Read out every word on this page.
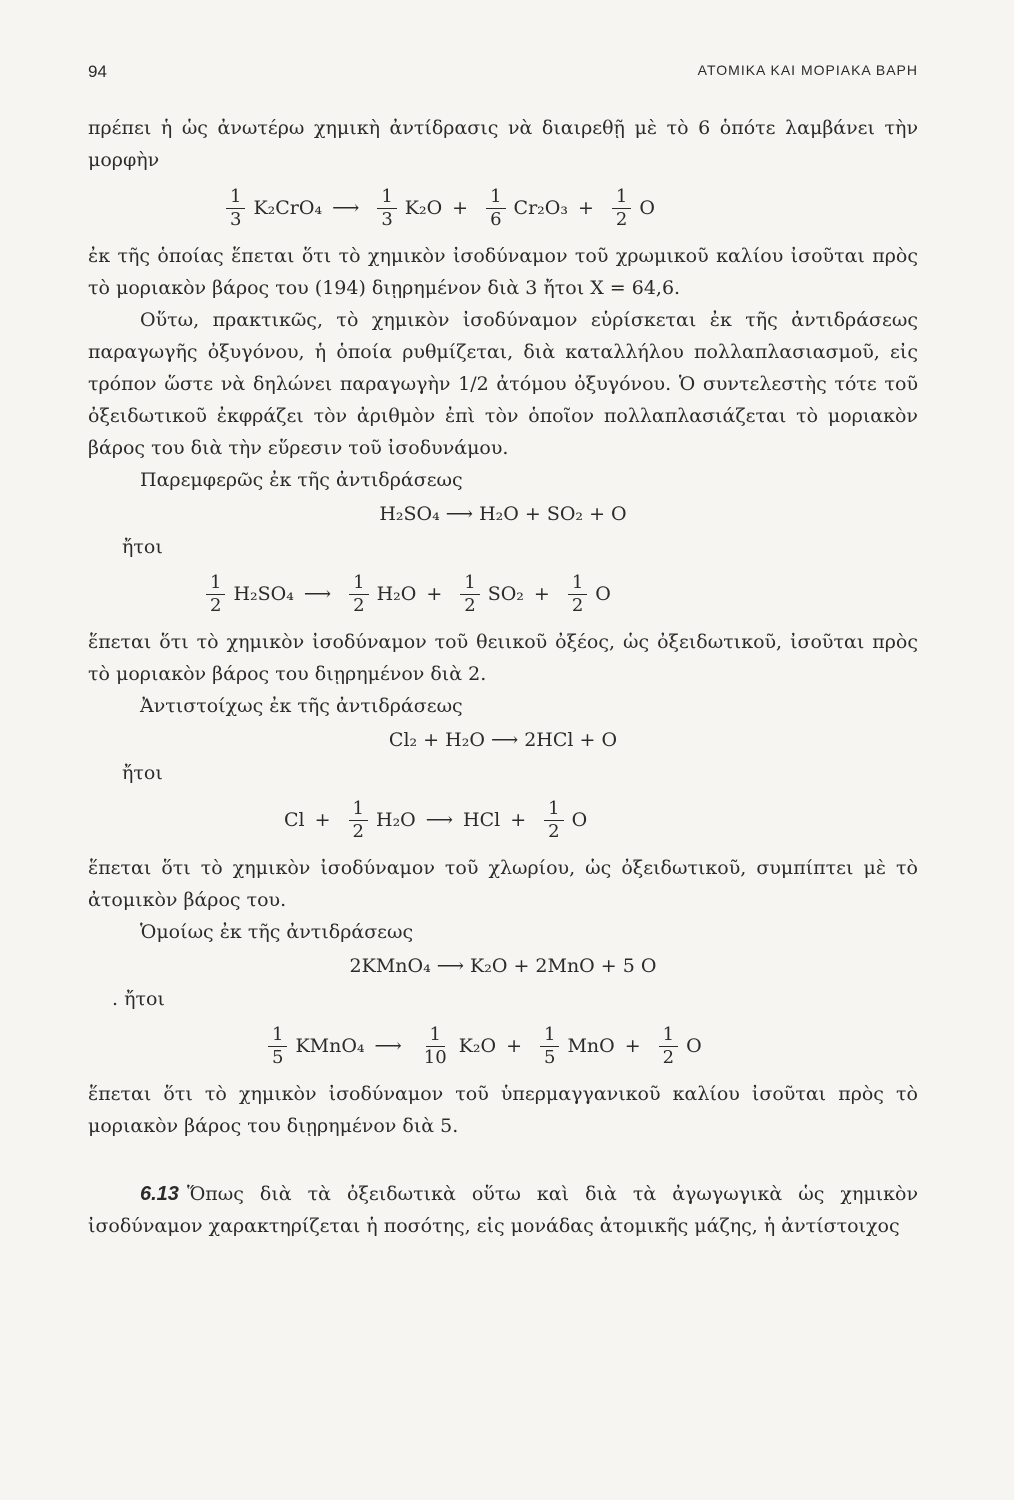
94	ΑΤΟΜΙΚΑ ΚΑΙ ΜΟΡΙΑΚΑ ΒΑΡΗ

πρέπει ἡ ὡς ἀνωτέρω χημικὴ ἀντίδρασις νὰ διαιρεθῇ μὲ τὸ 6 ὁπότε λαμβάνει τὴν μορφὴν

$\frac{1}{3} K_2CrO_4$ ⟶ $\frac{1}{3} K_2O + \frac{1}{6} Cr_2O_3 + \frac{1}{2}$ O

ἐκ τῆς ὁποίας ἕπεται ὅτι τὸ χημικὸν ἰσοδύναμον τοῦ χρωμικοῦ καλίου ἰσοῦται πρὸς τὸ μοριακὸν βάρος του (194) διῃρημένον διὰ 3 ἤτοι X = 64,6.

Οὕτω, πρακτικῶς, τὸ χημικὸν ἰσοδύναμον εὑρίσκεται ἐκ τῆς ἀντιδράσεως παραγωγῆς ὀξυγόνου, ἡ ὁποία ρυθμίζεται, διὰ καταλλήλου πολλαπλασιασμοῦ, εἰς τρόπον ὥστε νὰ δηλώνει παραγωγὴν 1/2 ἀτόμου ὀξυγόνου. Ὁ συντελεστὴς τότε τοῦ ὀξειδωτικοῦ ἐκφράζει τὸν ἀριθμὸν ἐπὶ τὸν ὁποῖον πολλαπλασιάζεται τὸ μοριακὸν βάρος του διὰ τὴν εὕρεσιν τοῦ ἰσοδυνάμου.

Παρεμφερῶς ἐκ τῆς ἀντιδράσεως

H₂SO₄ ⟶ H₂O + SO₂ + O
ἤτοι
$\frac{1}{2} H_2SO_4$ ⟶ $\frac{1}{2} H_2O + \frac{1}{2} SO_2 + \frac{1}{2}$ O

ἕπεται ὅτι τὸ χημικὸν ἰσοδύναμον τοῦ θειικοῦ ὀξέος, ὡς ὀξειδωτικοῦ, ἰσοῦται πρὸς τὸ μοριακὸν βάρος του διῃρημένον διὰ 2.

Ἀντιστοίχως ἐκ τῆς ἀντιδράσεως

Cl₂ + H₂O ⟶ 2HCl + O
ἤτοι
$Cl + \frac{1}{2} H_2O$ ⟶ HCl + $\frac{1}{2}$ O

ἕπεται ὅτι τὸ χημικὸν ἰσοδύναμον τοῦ χλωρίου, ὡς ὀξειδωτικοῦ, συμπίπτει μὲ τὸ ἀτομικὸν βάρος του.

Ὁμοίως ἐκ τῆς ἀντιδράσεως

2KMnO₄ ⟶ K₂O + 2MnO + 5 O
. ἤτοι
$\frac{1}{5}$ KMnO₄ ⟶ $\frac{1}{10} K_2O + \frac{1}{5}$ MnO + $\frac{1}{2}$ O

ἕπεται ὅτι τὸ χημικὸν ἰσοδύναμον τοῦ ὑπερμαγγανικοῦ καλίου ἰσοῦται πρὸς τὸ μοριακὸν βάρος του διῃρημένον διὰ 5.

6.13 Ὅπως διὰ τὰ ὀξειδωτικὰ οὕτω καὶ διὰ τὰ ἀγωγωγικὰ ὡς χημικὸν ἰσοδύναμον χαρακτηρίζεται ἡ ποσότης, εἰς μονάδας ἀτομικῆς μάζης, ἡ ἀντίστοιχος
